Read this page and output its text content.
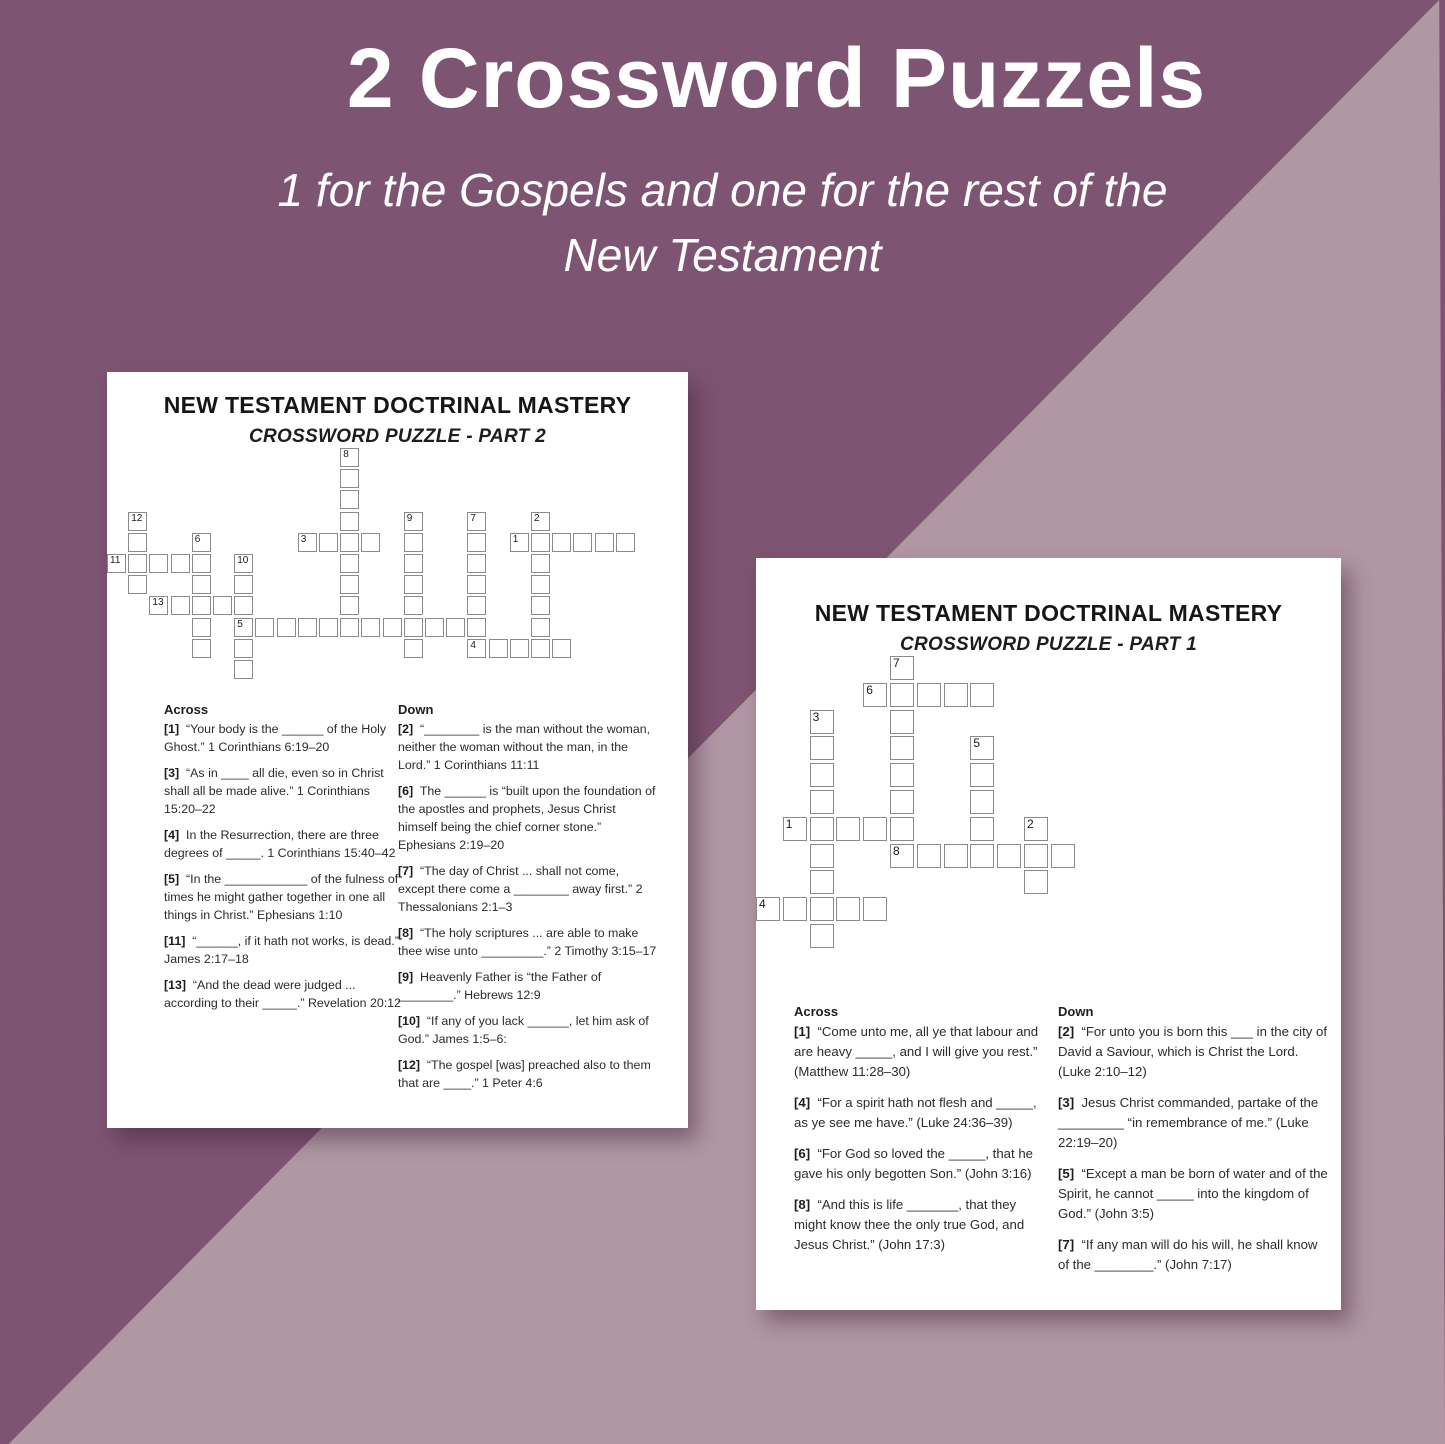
2 Crossword Puzzels
1 for the Gospels and one for the rest of the
New Testament
NEW TESTAMENT DOCTRINAL MASTERY
CROSSWORD PUZZLE - PART 2
8
12	9	7	2
6	3	1
11	10
5
13
4
Across

[1]  “Your body is the ______ of the Holy Ghost.” 1 Corinthians 6:19–20

[3]  “As in ____ all die, even so in Christ shall all be made alive.” 1 Corinthians 15:20–22

[4]  In the Resurrection, there are three degrees of _____. 1 Corinthians 15:40–42

[5]  “In the ____________ of the fulness of times he might gather together in one all things in Christ.” Ephesians 1:10

[11]  “______, if it hath not works, is dead.” James 2:17–18

[13]  “And the dead were judged ... according to their _____.” Revelation 20:12

Down

[2]  “________ is the man without the woman, neither the woman without the man, in the Lord.” 1 Corinthians 11:11

[6]  The ______ is “built upon the foundation of the apostles and prophets, Jesus Christ himself being the chief corner stone.” Ephesians 2:19–20

[7]  “The day of Christ ... shall not come, except there come a ________ away first.” 2 Thessalonians 2:1–3

[8]  “The holy scriptures ... are able to make thee wise unto _________.” 2 Timothy 3:15–17

[9]  Heavenly Father is “the Father of ________.” Hebrews 12:9

[10]  “If any of you lack ______, let him ask of God.” James 1:5–6:

[12]  “The gospel [was] preached also to them that are ____.” 1 Peter 4:6

NEW TESTAMENT DOCTRINAL MASTERY
CROSSWORD PUZZLE - PART 1
7
8
6
3
5
1	2
4
Across

[1]  “Come unto me, all ye that labour and are heavy _____, and I will give you rest.” (Matthew 11:28–30)

[4]  “For a spirit hath not flesh and _____, as ye see me have.” (Luke 24:36–39)

[6]  “For God so loved the _____, that he gave his only begotten Son.” (John 3:16)

[8]  “And this is life _______, that they might know thee the only true God, and Jesus Christ.” (John 17:3)

Down

[2]  “For unto you is born this ___ in the city of David a Saviour, which is Christ the Lord. (Luke 2:10–12)

[3]  Jesus Christ commanded, partake of the _________ “in remembrance of me.” (Luke 22:19–20)

[5]  “Except a man be born of water and of the Spirit, he cannot _____ into the kingdom of God.” (John 3:5)

[7]  “If any man will do his will, he shall know of the ________.” (John 7:17)
